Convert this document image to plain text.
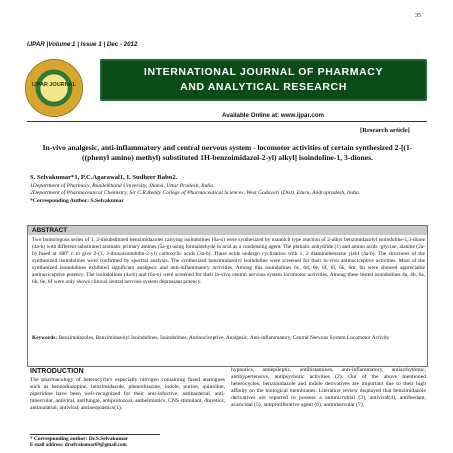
35
IJPAR |Volume 1 | Issue 1 | Dec - 2012
IJPAR JOURNAL
INTERNATIONAL JOURNAL OF PHARMACY
AND ANALYTICAL RESEARCH
Available Online at: www.ijpar.com
[Research article]
In-vivo analgesic, anti-inflammatory and central nervous system - locomotor activities of certain synthesized 2-[(1-((phenyl amino) methyl) substituted 1H-benzoimidazol-2-yl) alkyl] isoindoline-1, 3-diones.
S. Selvakumar*1, P.C.Agarawal1, I. Sudheer Babu2.
1Department of Pharmacy, Bundelkhand University, Jhansi, Uttar Pradesh, India.
2Department of Pharmaceutical Chemistry, Sir C.R.Reddy College of Pharmaceutical Sciences, West Godavari (Dist), Eluru, Andrapradesh, India.
*Corresponding Author: S.Selvakumar
ABSTRACT
Two homologous series of 1, 2-disubstituted benzimidazoles carrying isoindolines (6a-n) were synthesized by mannich type reaction of 2-alkyl benzimidazolyl isoindoline-1,3-dione (4a-b) with different substituted aromatic primary amines (5a-g) using formaldehyde in acid as a condensing agent. The phthalic anhydride (1) and amino acids -glycine, alanine (2a-b) fused at 180° c to give 2-(1, 3-dioxoisoindolin-2-yl) carboxylic acids (3a-b). These acids undergo cyclization with 1, 2 diaminobenzene yield (4a-b). The structures of the synthesized isoindolines were confirmed by spectral analysis. The synthesized benzimidazolyl isoindoline were screened for their in-vivo antinociceptive activities. Most of the synthesized isoindolines exhibited significant analgesic and anti-inflammatory activities. Among this isoindolines 6c, 6d, 6e, 6f, 6l, 6k, 6m, 6n were showed appreciable antinociceptive potency. The isoindolines (4a-b) and (6a-n) were screened for their in-vivo central nervous system locomotor activities. Among these tested isoindolines 4a, 4b, 6a, 6b, 6e, 6f were only shows clinical central nervous system depressant potency.
Keywords: Benzimidazoles, Benzimidazolyl Isoindolines, Isoindolines, Antinociceptive, Analgesic, Anti-inflammatory, Central Nervous System Locomotor Activity
INTRODUCTION
The pharmacology of heterocycle's especially nitrogen containing fused analogues such as benzodiazepine, benzimidazole, phenothiazine, indole, purine, quinoline, piperidine have been well-recognized for their anti-infective, antibacterial, anti-tubercular, antiviral, antifungal, antiprotozoal, anthelmintics, CNS stimulant, diuretics, antimalarial, antiviral, antineoplastics(1),
hypnotics, antiepileptic, antihistamines, anti-inflammatory, antiarrhythmic, antihypertensive, antipsychotic activities (2). Out of the above mentioned heterocycles, benzimidazole and indole derivatives are important due to their high affinity on the biological membranes. Literature review displayed that benzimidazole derivatives are reported to possess a antimicrobial (3), antiviral(4), antifeedant, acaricidal (5), antiproliferative agent (6), antitubercular (7),
* Corresponding author: Dr.S.Selvakumar
E-mail address: drselvakumar69@gmail.com
